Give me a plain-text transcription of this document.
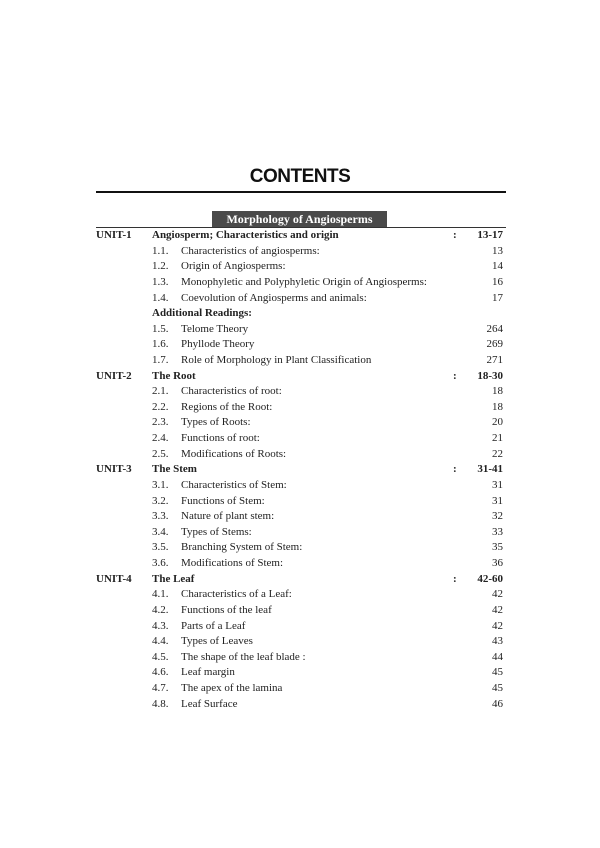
CONTENTS
Morphology of Angiosperms
UNIT-1 Angiosperm; Characteristics and origin	: 13-17
1.1. Characteristics of angiosperms:	13
1.2. Origin of Angiosperms:	14
1.3. Monophyletic and Polyphyletic Origin of Angiosperms:	16
1.4. Coevolution of Angiosperms and animals:	17
Additional Readings:
1.5. Telome Theory	264
1.6. Phyllode Theory	269
1.7. Role of Morphology in Plant Classification	271
UNIT-2 The Root	: 18-30
2.1. Characteristics of root:	18
2.2. Regions of the Root:	18
2.3. Types of Roots:	20
2.4. Functions of root:	21
2.5. Modifications of Roots:	22
UNIT-3 The Stem	: 31-41
3.1. Characteristics of Stem:	31
3.2. Functions of Stem:	31
3.3. Nature of plant stem:	32
3.4. Types of Stems:	33
3.5. Branching System of Stem:	35
3.6. Modifications of Stem:	36
UNIT-4 The Leaf	: 42-60
4.1. Characteristics of a Leaf:	42
4.2. Functions of the leaf	42
4.3. Parts of a Leaf	42
4.4. Types of Leaves	43
4.5. The shape of the leaf blade :	44
4.6. Leaf margin	45
4.7. The apex of the lamina	45
4.8. Leaf Surface	46
